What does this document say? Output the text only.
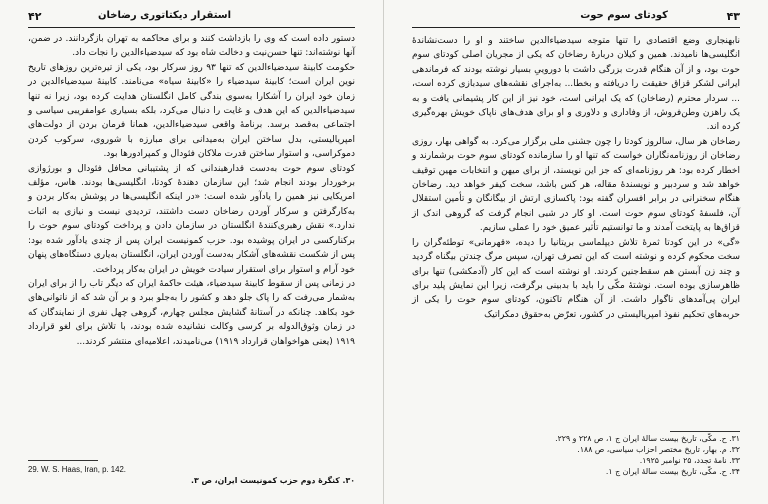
۴۲	استقرار دیکتاتوری رضاخان

دستور داده است که وی را بازداشت کنند و برای محاکمه به تهران بازگردانند. در ضمن، آنها نوشته‌اند: تنها حسن‌نیت و دخالت شاه بود که سیدضیاءالدین را نجات داد.

حکومت کابینهٔ سیدضیاءالدین که تنها ۹۳ روز سرکار بود، یکی از تیره‌ترین روزهای تاریخ نوین ایران است؛ کابینهٔ سیدضیاء را «کابینهٔ سیاه» می‌نامند. کابینهٔ سیدضیاءالدین در زمان خود ایران را آشکارا به‌سوی بندگی کامل انگلستان هدایت کرده بود، زیرا نه تنها سیدضیاءالدین که این هدف و غایت را دنبال می‌کرد، بلکه بسیاری عوامفریبی سیاسی و اجتماعی به‌قصد برسد. برنامهٔ واقعی سیدضیاءالدین، همانا فرمان بردن از دولت‌های امپریالیستی، بدل ساختن ایران به‌میدانی برای مبارزه با شوروی، سرکوب کردن دموکراسی، و استوار ساختن قدرت ملاکان فئودال و کمپرادورها بود.

کودتای سوم حوت به‌دست قدارهبندانی که از پشتیبانی محافل فئودال و بورژوازی برخوردار بودند انجام شد؛ این سازمان دهندهٔ کودتا، انگلیسی‌ها بودند. هاس، مؤلف امریکایی نیز همین را یادآور شده است: «در اینکه انگلیسی‌ها در پوشش به‌کار بردن و به‌کارگرفتن و سرکار آوردن رضاخان دست داشتند، تردیدی نیست و نیازی به اثبات ندارد.» نقش رهبری‌کنندهٔ انگلستان در سازمان دادن و پرداخت کودتای سوم حوت را برکنارکسی در ایران پوشیده بود. حزب کمونیست ایران پس از چندی یادآور شده بود: پس از شکست نقشه‌های آشکار به‌دست آوردن ایران، انگلستان به‌یاری دستگاه‌های پنهان خود آرام و استوار برای استقرار سیادت خویش در ایران به‌کار پرداخت.

در زمانی پس از سقوط کابینهٔ سیدضیاء، هیئت حاکمهٔ ایران که دیگر تاب را از برای ایران به‌شمار می‌رفت که را پاک جلو دهد و کشور را به‌جلو ببرد و بر آن شد که از ناتوانی‌های خود بکاهد. چنانکه در آستانهٔ گشایش مجلس چهارم، گروهی چهل نفری از نمایندگان که در زمان وثوق‌الدوله بر کرسی وکالت نشانیده شده بودند، با تلاش برای لغو قرارداد ۱۹۱۹ (یعنی هواخواهان قرارداد ۱۹۱۹) می‌نامیدند، اعلامیه‌ای منتشر کردند...

29. W. S. Haas, Iran, p. 142.
۳۰. کنگرهٔ دوم حزب کمونیست ایران، ص ۳.
کودتای سوم حوت	۴۳

نابهنجاری وضع اقتصادی را تنها متوجه سیدضیاءالدین ساختند و او را دست‌نشاندهٔ انگلیسی‌ها نامیدند. همین و کیلان دربارهٔ رضاخان که یکی از مجریان اصلی کودتای سوم حوت بود، و از آن هنگام قدرت بزرگی داشت با دوروییِ بسیار نوشته بودند که فرماندهی ایرانی لشکر قزاق حقیقت را دریافته و بخطا... به‌اجرای نقشه‌های سیدبازی کرده است، ... سردار محترم (رضاخان) که یک ایرانی است، خود نیز از این کار پشیمانی یافت و به یک راهزن وطن‌فروش، از وفاداری و دلاوری و او برای هدف‌های ناپاک خویش بهره‌گیری کرده اند.

رضاخان هر سال، سالروز کودتا را چون جشنی ملی برگزار می‌کرد. به گواهی بهار، روزی رضاخان از روزنامه‌نگاران خواست که تنها او را سازمانده کودتای سوم حوت برشمارند و اخطار کرده بود: هر روزنامه‌ای که جز این نویسند، از برای میهن و انتخابات مهین توقیف خواهد شد و سردبیر و نویسندهٔ مقاله، هر کس باشد، سخت کیفر خواهد دید. رضاخان هنگام سخنرانی در برابر افسران گفته بود: پاکسازی ارتش از بیگانگان و تأمین استقلال آن، فلسفهٔ کودتای سوم حوت است. او کار در شبی انجام گرفت که گروهی اندک از قزاق‌ها به پایتخت آمدند و ما توانستیم تأثیر عمیق خود را عملی سازیم.

«گی» در این کودتا ثمرهٔ تلاش دیپلماسی بریتانیا را دیده، «قهرمانی» توطئه‌گران را سخت محکوم کرده و نوشته است که این تصرف تهران، سپس مرگ چندتن بیگناه گردید و چند زن آبستن هم سقط‌جنین کردند. او نوشته است که این کار (آدمکشی) تنها برای ظاهرسازی بوده است. نوشتهٔ مکّی را باید با بدبینی برگرفت، زیرا این نمایش پلید برای ایران پی‌آمدهای ناگوار داشت. از آن هنگام تاکنون، کودتای سوم حوت را یکی از حربه‌های تحکیم نفوذ امپریالیستی در کشور، تعرّض به‌حقوق دمکراتیک

۳۱. ح. مکّی، تاریخ بیست سالهٔ ایران ج ۱، ص ۲۲۸ و ۲۲۹.
۳۲. م. بهار، تاریخ مختصر احزاب سیاسی، ص ۱۸۸.
۳۳. نامهٔ تجدد، ۲۵ نوامبر ۱۹۲۵.
۳۴. ح. مکّی، تاریخ بیست سالهٔ ایران ج ۱.
